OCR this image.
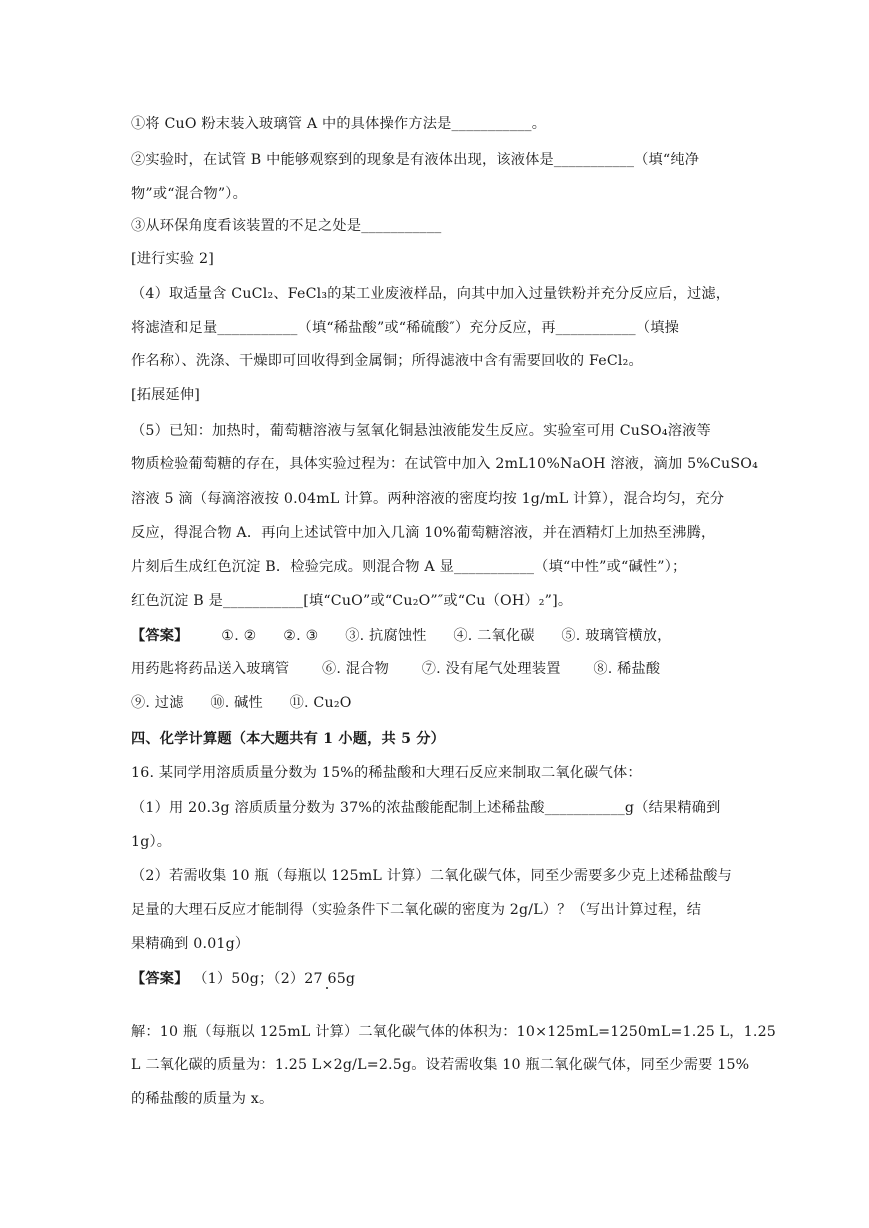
①将 CuO 粉末装入玻璃管 A 中的具体操作方法是___________。
②实验时，在试管 B 中能够观察到的现象是有液体出现，该液体是___________（填“纯净
物”或“混合物”）。
③从环保角度看该装置的不足之处是___________
[进行实验 2]
（4）取适量含 CuCl₂、FeCl₃的某工业废液样品，向其中加入过量铁粉并充分反应后，过滤，
将滤渣和足量___________（填“稀盐酸”或“稀硫酸″）充分反应，再___________（填操
作名称）、洗涤、干燥即可回收得到金属铜；所得滤液中含有需要回收的 FeCl₂。
[拓展延伸]
（5）已知：加热时，葡萄糖溶液与氢氧化铜悬浊液能发生反应。实验室可用 CuSO₄溶液等
物质检验葡萄糖的存在，具体实验过程为：在试管中加入 2mL10%NaOH 溶液，滴加 5%CuSO₄
溶液 5 滴（每滴溶液按 0.04mL 计算。两种溶液的密度均按 1g/mL 计算），混合均匀，充分
反应，得混合物 A．再向上述试管中加入几滴 10%葡萄糖溶液，并在酒精灯上加热至沸腾，
片刻后生成红色沉淀 B．检验完成。则混合物 A 显___________（填“中性”或“碱性”）；
红色沉淀 B 是___________[填“CuO”或“Cu₂O”″或“Cu（OH）₂”]。
【答案】 ①. ② ②. ③ ③. 抗腐蚀性 ④. 二氧化碳 ⑤. 玻璃管横放，
用药匙将药品送入玻璃管 ⑥. 混合物 ⑦. 没有尾气处理装置 ⑧. 稀盐酸
⑨. 过滤 ⑩. 碱性 ⑪. Cu₂O
四、化学计算题（本大题共有 1 小题，共 5 分）
16. 某同学用溶质质量分数为 15%的稀盐酸和大理石反应来制取二氧化碳气体：
（1）用 20.3g 溶质质量分数为 37%的浓盐酸能配制上述稀盐酸___________g（结果精确到
1g）。
（2）若需收集 10 瓶（每瓶以 125mL 计算）二氧化碳气体，同至少需要多少克上述稀盐酸与
足量的大理石反应才能制得（实验条件下二氧化碳的密度为 2g/L）？（写出计算过程，结
果精确到 0.01g）
【答案】 （1）50g；（2）27 65g
解：10 瓶（每瓶以 125mL 计算）二氧化碳气体的体积为：10×125mL=1250mL=1.25 L，1.25
L 二氧化碳的质量为：1.25 L×2g/L=2.5g。设若需收集 10 瓶二氧化碳气体，同至少需要 15%
的稀盐酸的质量为 x。
